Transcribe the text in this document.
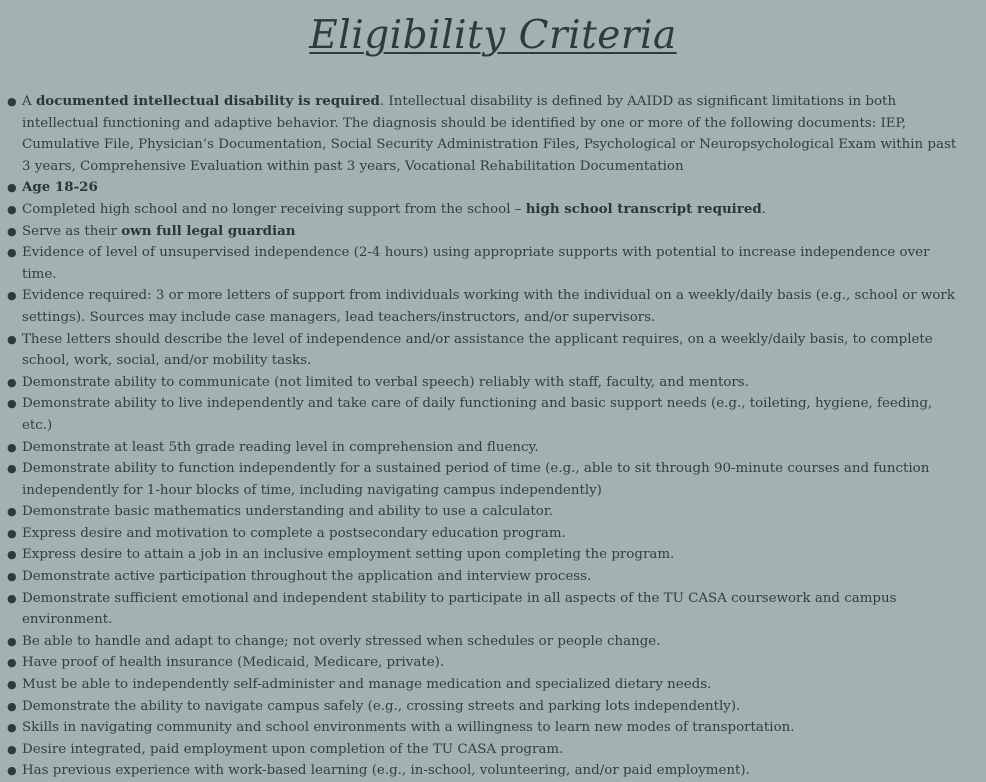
Eligibility Criteria
● A documented intellectual disability is required. Intellectual disability is defined by AAIDD as significant limitations in both intellectual functioning and adaptive behavior. The diagnosis should be identified by one or more of the following documents: IEP, Cumulative File, Physician’s Documentation, Social Security Administration Files, Psychological or Neuropsychological Exam within past 3 years, Comprehensive Evaluation within past 3 years, Vocational Rehabilitation Documentation
● Age 18-26
● Completed high school and no longer receiving support from the school – high school transcript required.
● Serve as their own full legal guardian
● Evidence of level of unsupervised independence (2-4 hours) using appropriate supports with potential to increase independence over time.
● Evidence required: 3 or more letters of support from individuals working with the individual on a weekly/daily basis (e.g., school or work settings). Sources may include case managers, lead teachers/instructors, and/or supervisors.
● These letters should describe the level of independence and/or assistance the applicant requires, on a weekly/daily basis, to complete school, work, social, and/or mobility tasks.
● Demonstrate ability to communicate (not limited to verbal speech) reliably with staff, faculty, and mentors.
● Demonstrate ability to live independently and take care of daily functioning and basic support needs (e.g., toileting, hygiene, feeding, etc.)
● Demonstrate at least 5th grade reading level in comprehension and fluency.
● Demonstrate ability to function independently for a sustained period of time (e.g., able to sit through 90-minute courses and function independently for 1-hour blocks of time, including navigating campus independently)
● Demonstrate basic mathematics understanding and ability to use a calculator.
● Express desire and motivation to complete a postsecondary education program.
● Express desire to attain a job in an inclusive employment setting upon completing the program.
● Demonstrate active participation throughout the application and interview process.
● Demonstrate sufficient emotional and independent stability to participate in all aspects of the TU CASA coursework and campus environment.
● Be able to handle and adapt to change; not overly stressed when schedules or people change.
● Have proof of health insurance (Medicaid, Medicare, private).
● Must be able to independently self-administer and manage medication and specialized dietary needs.
● Demonstrate the ability to navigate campus safely (e.g., crossing streets and parking lots independently).
● Skills in navigating community and school environments with a willingness to learn new modes of transportation.
● Desire integrated, paid employment upon completion of the TU CASA program.
● Has previous experience with work-based learning (e.g., in-school, volunteering, and/or paid employment).
